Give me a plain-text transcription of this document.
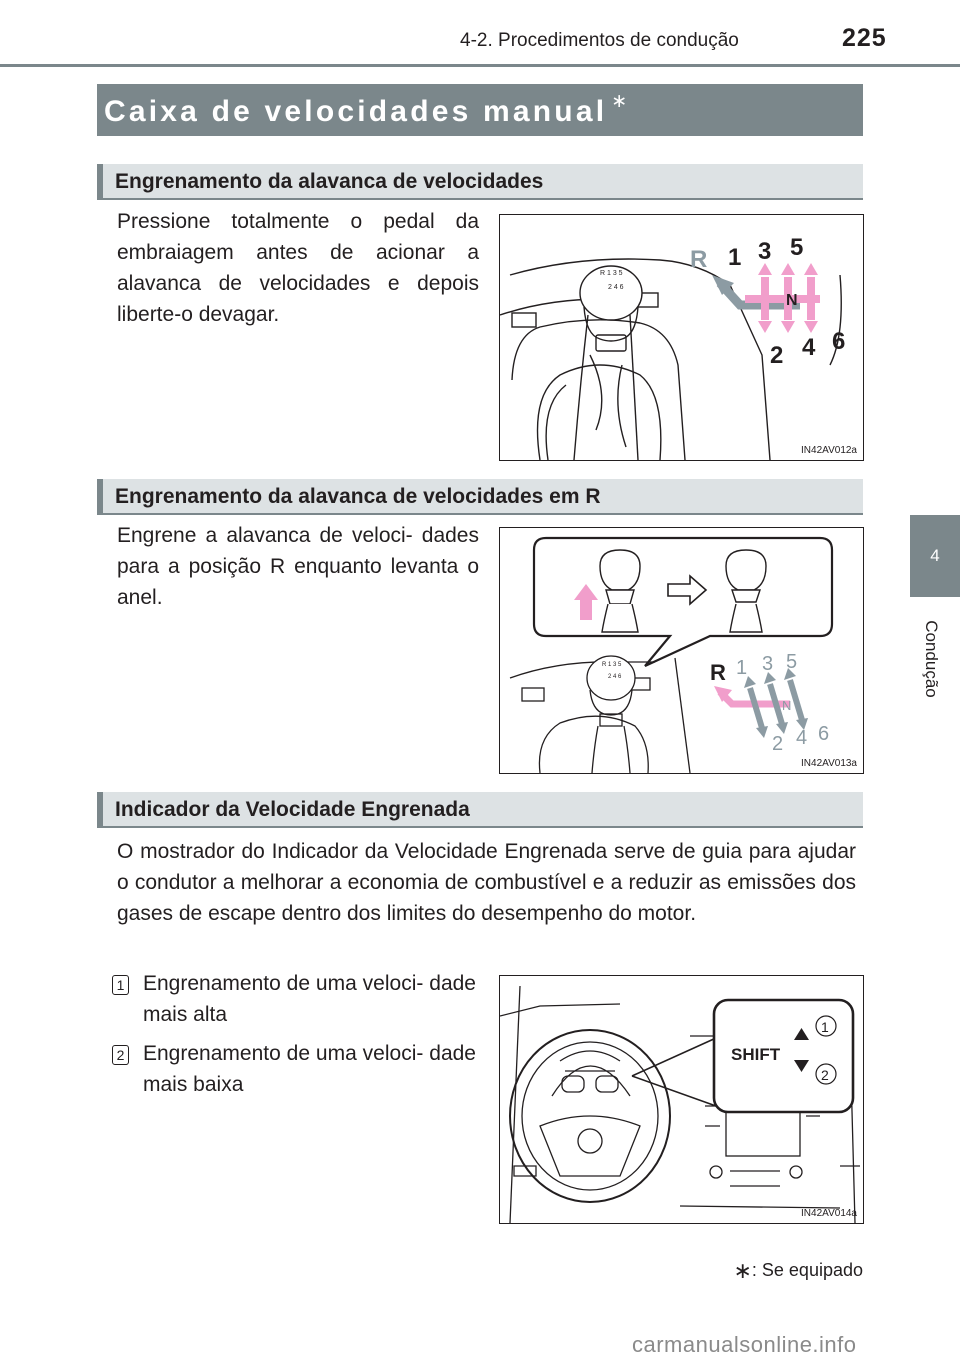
4-2. Procedimentos de condução	225
4
Condução
Caixa de velocidades manual ∗
Engrenamento da alavanca de velocidades
Pressione totalmente o pedal da embraiagem antes de acionar a alavanca de velocidades e depois liberte-o devagar.
R 1 3 5
2 4 6
R 1 3 5
N
2 4 6
IN42AV012a
Engrenamento da alavanca de velocidades em R
Engrene a alavanca de veloci- dades para a posição R enquanto levanta o anel.
R 1 3 5
2 4 6	R 1 3 5
N
2 4 6
IN42AV013a
Indicador da Velocidade Engrenada
O mostrador do Indicador da Velocidade Engrenada serve de guia para ajudar o condutor a melhorar a economia de combustível e a reduzir as emissões dos gases de escape dentro dos limites do desempenho do motor.
1 Engrenamento de uma veloci- dade mais alta
2 Engrenamento de uma veloci- dade mais baixa
SHIFT
1
2
IN42AV014a
∗: Se equipado
carmanualsonline.info
